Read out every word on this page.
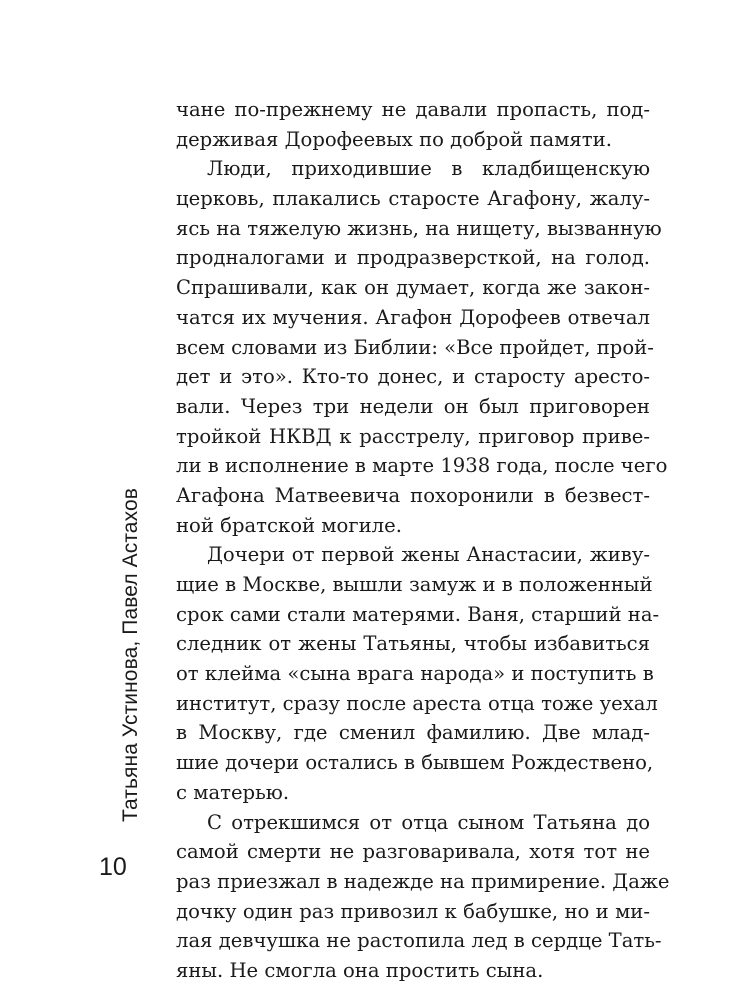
Татьяна Устинова, Павел Астахов
чане по-прежнему не давали пропасть, под-
держивая Дорофеевых по доброй памяти.
Люди, приходившие в кладбищенскую
церковь, плакались старосте Агафону, жалу-
ясь на тяжелую жизнь, на нищету, вызванную
продналогами и продразверсткой, на голод.
Спрашивали, как он думает, когда же закон-
чатся их мучения. Агафон Дорофеев отвечал
всем словами из Библии: «Все пройдет, прой-
дет и это». Кто-то донес, и старосту аресто-
вали. Через три недели он был приговорен
тройкой НКВД к расстрелу, приговор приве-
ли в исполнение в марте 1938 года, после чего
Агафона Матвеевича похоронили в безвест-
ной братской могиле.
Дочери от первой жены Анастасии, живу-
щие в Москве, вышли замуж и в положенный
срок сами стали матерями. Ваня, старший на-
следник от жены Татьяны, чтобы избавиться
от клейма «сына врага народа» и поступить в
институт, сразу после ареста отца тоже уехал
в Москву, где сменил фамилию. Две млад-
шие дочери остались в бывшем Рождествено,
с матерью.
С отрекшимся от отца сыном Татьяна до
самой смерти не разговаривала, хотя тот не
раз приезжал в надежде на примирение. Даже
дочку один раз привозил к бабушке, но и ми-
лая девчушка не растопила лед в сердце Тать-
яны. Не смогла она простить сына.
10
